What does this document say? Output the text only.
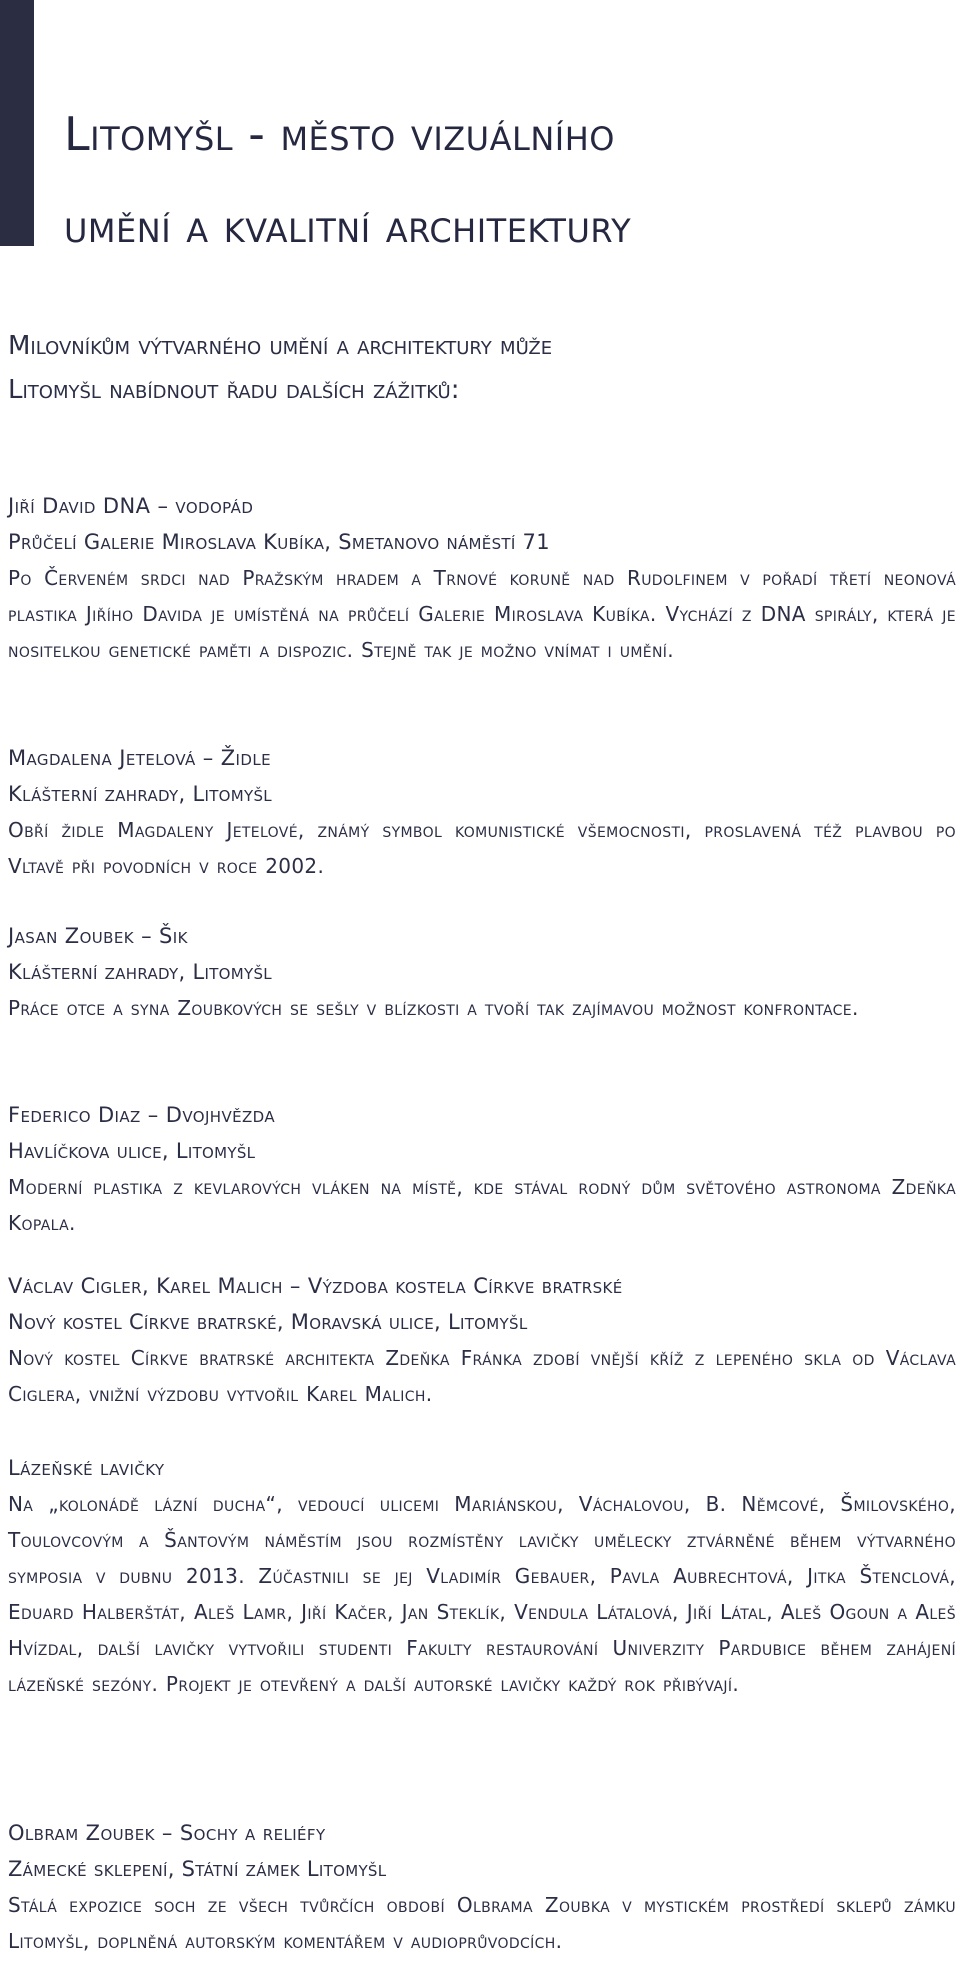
Litomyšl - město vizuálního
umění a kvalitní architektury
Milovníkům výtvarného umění a architektury může
Litomyšl nabídnout řadu dalších zážitků:
Jiří David DNA – vodopád
Průčelí Galerie Miroslava Kubíka, Smetanovo náměstí 71
Po Červeném srdci nad Pražským hradem a Trnové koruně nad Rudolfinem v pořadí třetí neonová plastika Jiřího Davida je umístěná na průčelí Galerie Miroslava Kubíka. Vychází z DNA spirály, která je nositelkou genetické paměti a dispozic. Stejně tak je možno vnímat i umění.
Magdalena Jetelová – Židle
Klášterní zahrady, Litomyšl
Obří židle Magdaleny Jetelové, známý symbol komunistické všemocnosti, proslavená též plavbou po Vltavě při povodních v roce 2002.
Jasan Zoubek – Šik
Klášterní zahrady, Litomyšl
Práce otce a syna Zoubkových se sešly v blízkosti a tvoří tak zajímavou možnost konfrontace.
Federico Diaz – Dvojhvězda
Havlíčkova ulice, Litomyšl
Moderní plastika z kevlarových vláken na místě, kde stával rodný dům světového astronoma Zdeňka Kopala.
Václav Cigler, Karel Malich – Výzdoba kostela Církve bratrské
Nový kostel Církve bratrské, Moravská ulice, Litomyšl
Nový kostel Církve bratrské architekta Zdeňka Fránka zdobí vnější kříž z lepeného skla od Václava Ciglera, vnižní výzdobu vytvořil Karel Malich.
Lázeňské lavičky
Na „kolonádě lázní ducha“, vedoucí ulicemi Mariánskou, Váchalovou, B. Němcové, Šmilovského, Toulovcovým a Šantovým náměstím jsou rozmístěny lavičky umělecky ztvárněné během výtvarného symposia v dubnu 2013. Zúčastnili se jej Vladimír Gebauer, Pavla Aubrechtová, Jitka Štenclová, Eduard Halberštát, Aleš Lamr, Jiří Kačer, Jan Steklík, Vendula Látalová, Jiří Látal, Aleš Ogoun a Aleš Hvízdal, další lavičky vytvořili studenti Fakulty restaurování Univerzity Pardubice během zahájení lázeňské sezóny. Projekt je otevřený a další autorské lavičky každý rok přibývají.
Olbram Zoubek – Sochy a reliéfy
Zámecké sklepení, Státní zámek Litomyšl
Stálá expozice soch ze všech tvůrčích období Olbrama Zoubka v mystickém prostředí sklepů zámku Litomyšl, doplněná autorským komentářem v audioprůvodcích.
